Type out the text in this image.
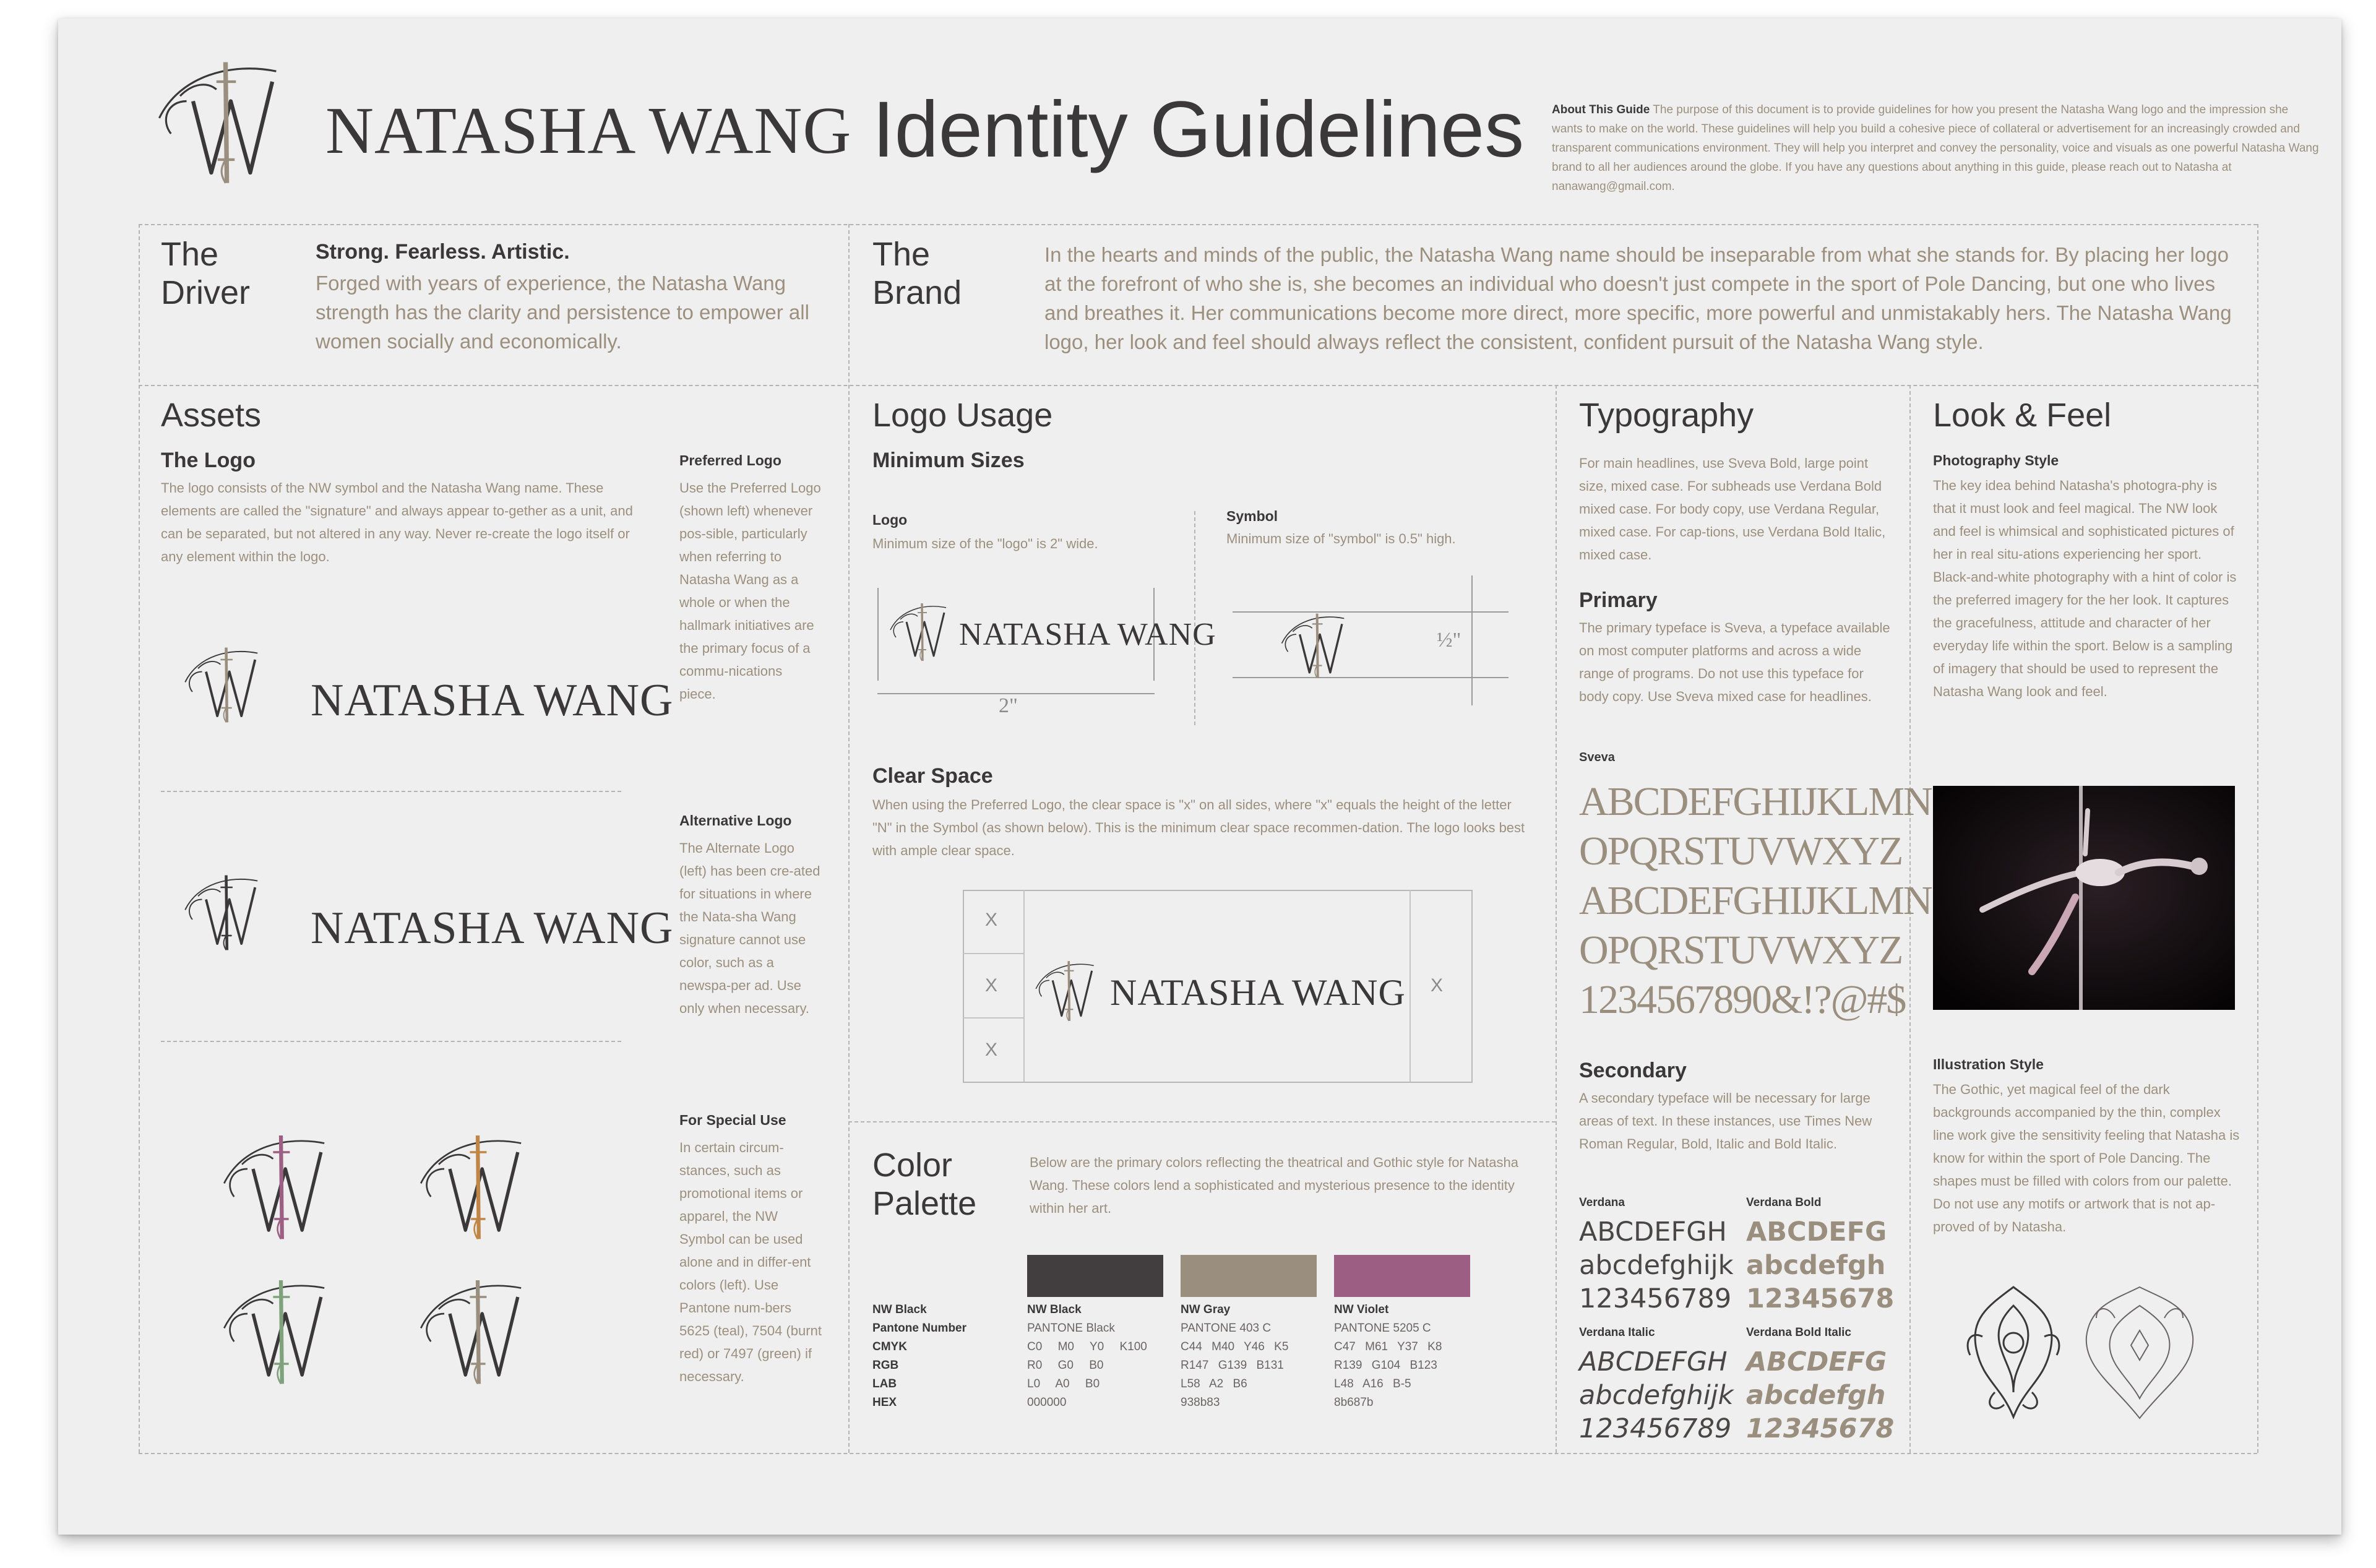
NATASHA WANG Identity Guidelines About This Guide The purpose of this document is to provide guidelines for how you present the Natasha Wang logo and the impression she wants to make on the world. These guidelines will help you build a cohesive piece of collateral or advertisement for an increasingly crowded and transparent communications environment. They will help you interpret and convey the personality, voice and visuals as one powerful Natasha Wang brand to all her audiences around the globe. If you have any questions about anything in this guide, please reach out to Natasha at nanawang@gmail.com.
The
Driver
Strong. Fearless. Artistic.
Forged with years of experience, the Natasha Wang strength has the clarity and persistence to empower all women socially and economically.
The
Brand
In the hearts and minds of the public, the Natasha Wang name should be inseparable from what she stands for. By placing her logo at the forefront of who she is, she becomes an individual who doesn't just compete in the sport of Pole Dancing, but one who lives and breathes it. Her communications become more direct, more specific, more powerful and unmistakably hers. The Natasha Wang logo, her look and feel should always reflect the consistent, confident pursuit of the Natasha Wang style.
Assets
The Logo
The logo consists of the NW symbol and the Natasha Wang name. These elements are called the "signature" and always appear to-gether as a unit, and can be separated, but not altered in any way. Never re-create the logo itself or any element within the logo.
Preferred Logo
Use the Preferred Logo (shown left) whenever pos-sible, particularly when referring to Natasha Wang as a whole or when the hallmark initiatives are the primary focus of a commu-nications piece.
NATASHA WANG
Alternative Logo
The Alternate Logo (left) has been cre-ated for situations in where the Nata-sha Wang signature cannot use color, such as a newspa-per ad. Use only when necessary.
NATASHA WANG
For Special Use
In certain circum-stances, such as promotional items or apparel, the NW Symbol can be used alone and in differ-ent colors (left). Use Pantone num-bers 5625 (teal), 7504 (burnt red) or 7497 (green) if necessary.
Logo Usage
Minimum Sizes
Logo
Minimum size of the "logo" is 2" wide.
Symbol
Minimum size of "symbol" is 0.5" high.
NATASHA WANG
2"
½"
Clear Space
When using the Preferred Logo, the clear space is "x" on all sides, where "x" equals the height of the letter "N" in the Symbol (as shown below). This is the minimum clear space recommen-dation. The logo looks best with ample clear space.
X
X
X
X
NATASHA WANG
Color
Palette
Below are the primary colors reflecting the theatrical and Gothic style for Natasha Wang. These colors lend a sophisticated and mysterious presence to the identity within her art.
NW Black
Pantone Number
CMYK
RGB
LAB
HEX
NW Black
PANTONE Black
C0 M0 Y0 K100
R0 G0 B0
L0 A0 B0
000000
NW Gray
PANTONE 403 C
C44 M40 Y46 K5
R147 G139 B131
L58 A2 B6
938b83
NW Violet
PANTONE 5205 C
C47 M61 Y37 K8
R139 G104 B123
L48 A16 B-5
8b687b
Typography
For main headlines, use Sveva Bold, large point size, mixed case. For subheads use Verdana Bold mixed case. For body copy, use Verdana Regular, mixed case. For cap-tions, use Verdana Bold Italic, mixed case.
Primary
The primary typeface is Sveva, a typeface available on most computer platforms and across a wide range of programs. Do not use this typeface for body copy. Use Sveva mixed case for headlines.
Sveva
ABCDEFGHIJKLMN
OPQRSTUVWXYZ
ABCDEFGHIJKLMN
OPQRSTUVWXYZ
1234567890&!?@#$
Secondary
A secondary typeface will be necessary for large areas of text. In these instances, use Times New Roman Regular, Bold, Italic and Bold Italic.
Verdana
ABCDEFGH
abcdefghijk
123456789
Verdana Bold
ABCDEFG
abcdefgh
12345678
Verdana Italic
ABCDEFGH
abcdefghijk
123456789
Verdana Bold Italic
ABCDEFG
abcdefgh
12345678
Look & Feel
Photography Style
The key idea behind Natasha's photogra-phy is that it must look and feel magical. The NW look and feel is whimsical and sophisticated pictures of her in real situ-ations experiencing her sport. Black-and-white photography with a hint of color is the preferred imagery for the her look. It captures the gracefulness, attitude and character of her everyday life within the sport. Below is a sampling of imagery that should be used to represent the Natasha Wang look and feel.
Illustration Style
The Gothic, yet magical feel of the dark backgrounds accompanied by the thin, complex line work give the sensitivity feeling that Natasha is know for within the sport of Pole Dancing. The shapes must be filled with colors from our palette. Do not use any motifs or artwork that is not ap-proved of by Natasha.
